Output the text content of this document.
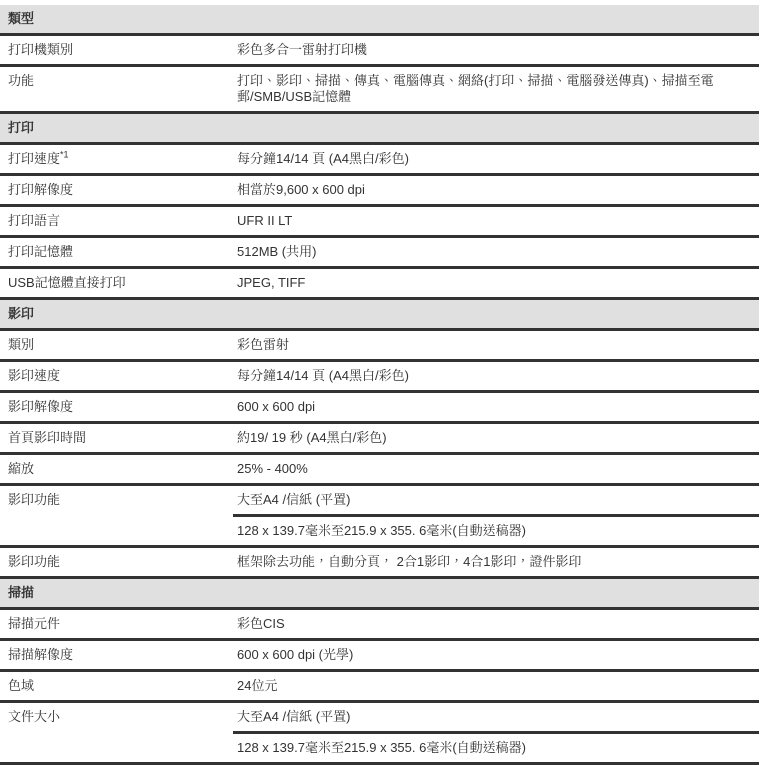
類型
打印機類別	彩色多合一雷射打印機
功能	打印、影印、掃描、傳真、電腦傳真、網絡(打印、掃描、電腦發送傳真)、掃描至電郵/SMB/USB記憶體
打印
打印速度$^{*1}$	每分鐘14/14 頁 (A4黑白/彩色)
打印解像度	相當於9,600 x 600 dpi
打印語言	UFR II LT
打印記憶體	512MB (共用)
USB記憶體直接打印	JPEG, TIFF
影印
類別	彩色雷射
影印速度	每分鐘14/14 頁 (A4黑白/彩色)
影印解像度	600 x 600 dpi
首頁影印時間	約19/ 19 秒 (A4黑白/彩色)
縮放	25% - 400%
影印功能	大至A4 /信紙 (平置)
128 x 139.7毫米至215.9 x 355. 6毫米(自動送稿器)
影印功能	框架除去功能，自動分頁， 2合1影印，4合1影印，證件影印
掃描
掃描元件	彩色CIS
掃描解像度	600 x 600 dpi (光學)
色域	24位元
文件大小	大至A4 /信紙 (平置)
128 x 139.7毫米至215.9 x 355. 6毫米(自動送稿器)
